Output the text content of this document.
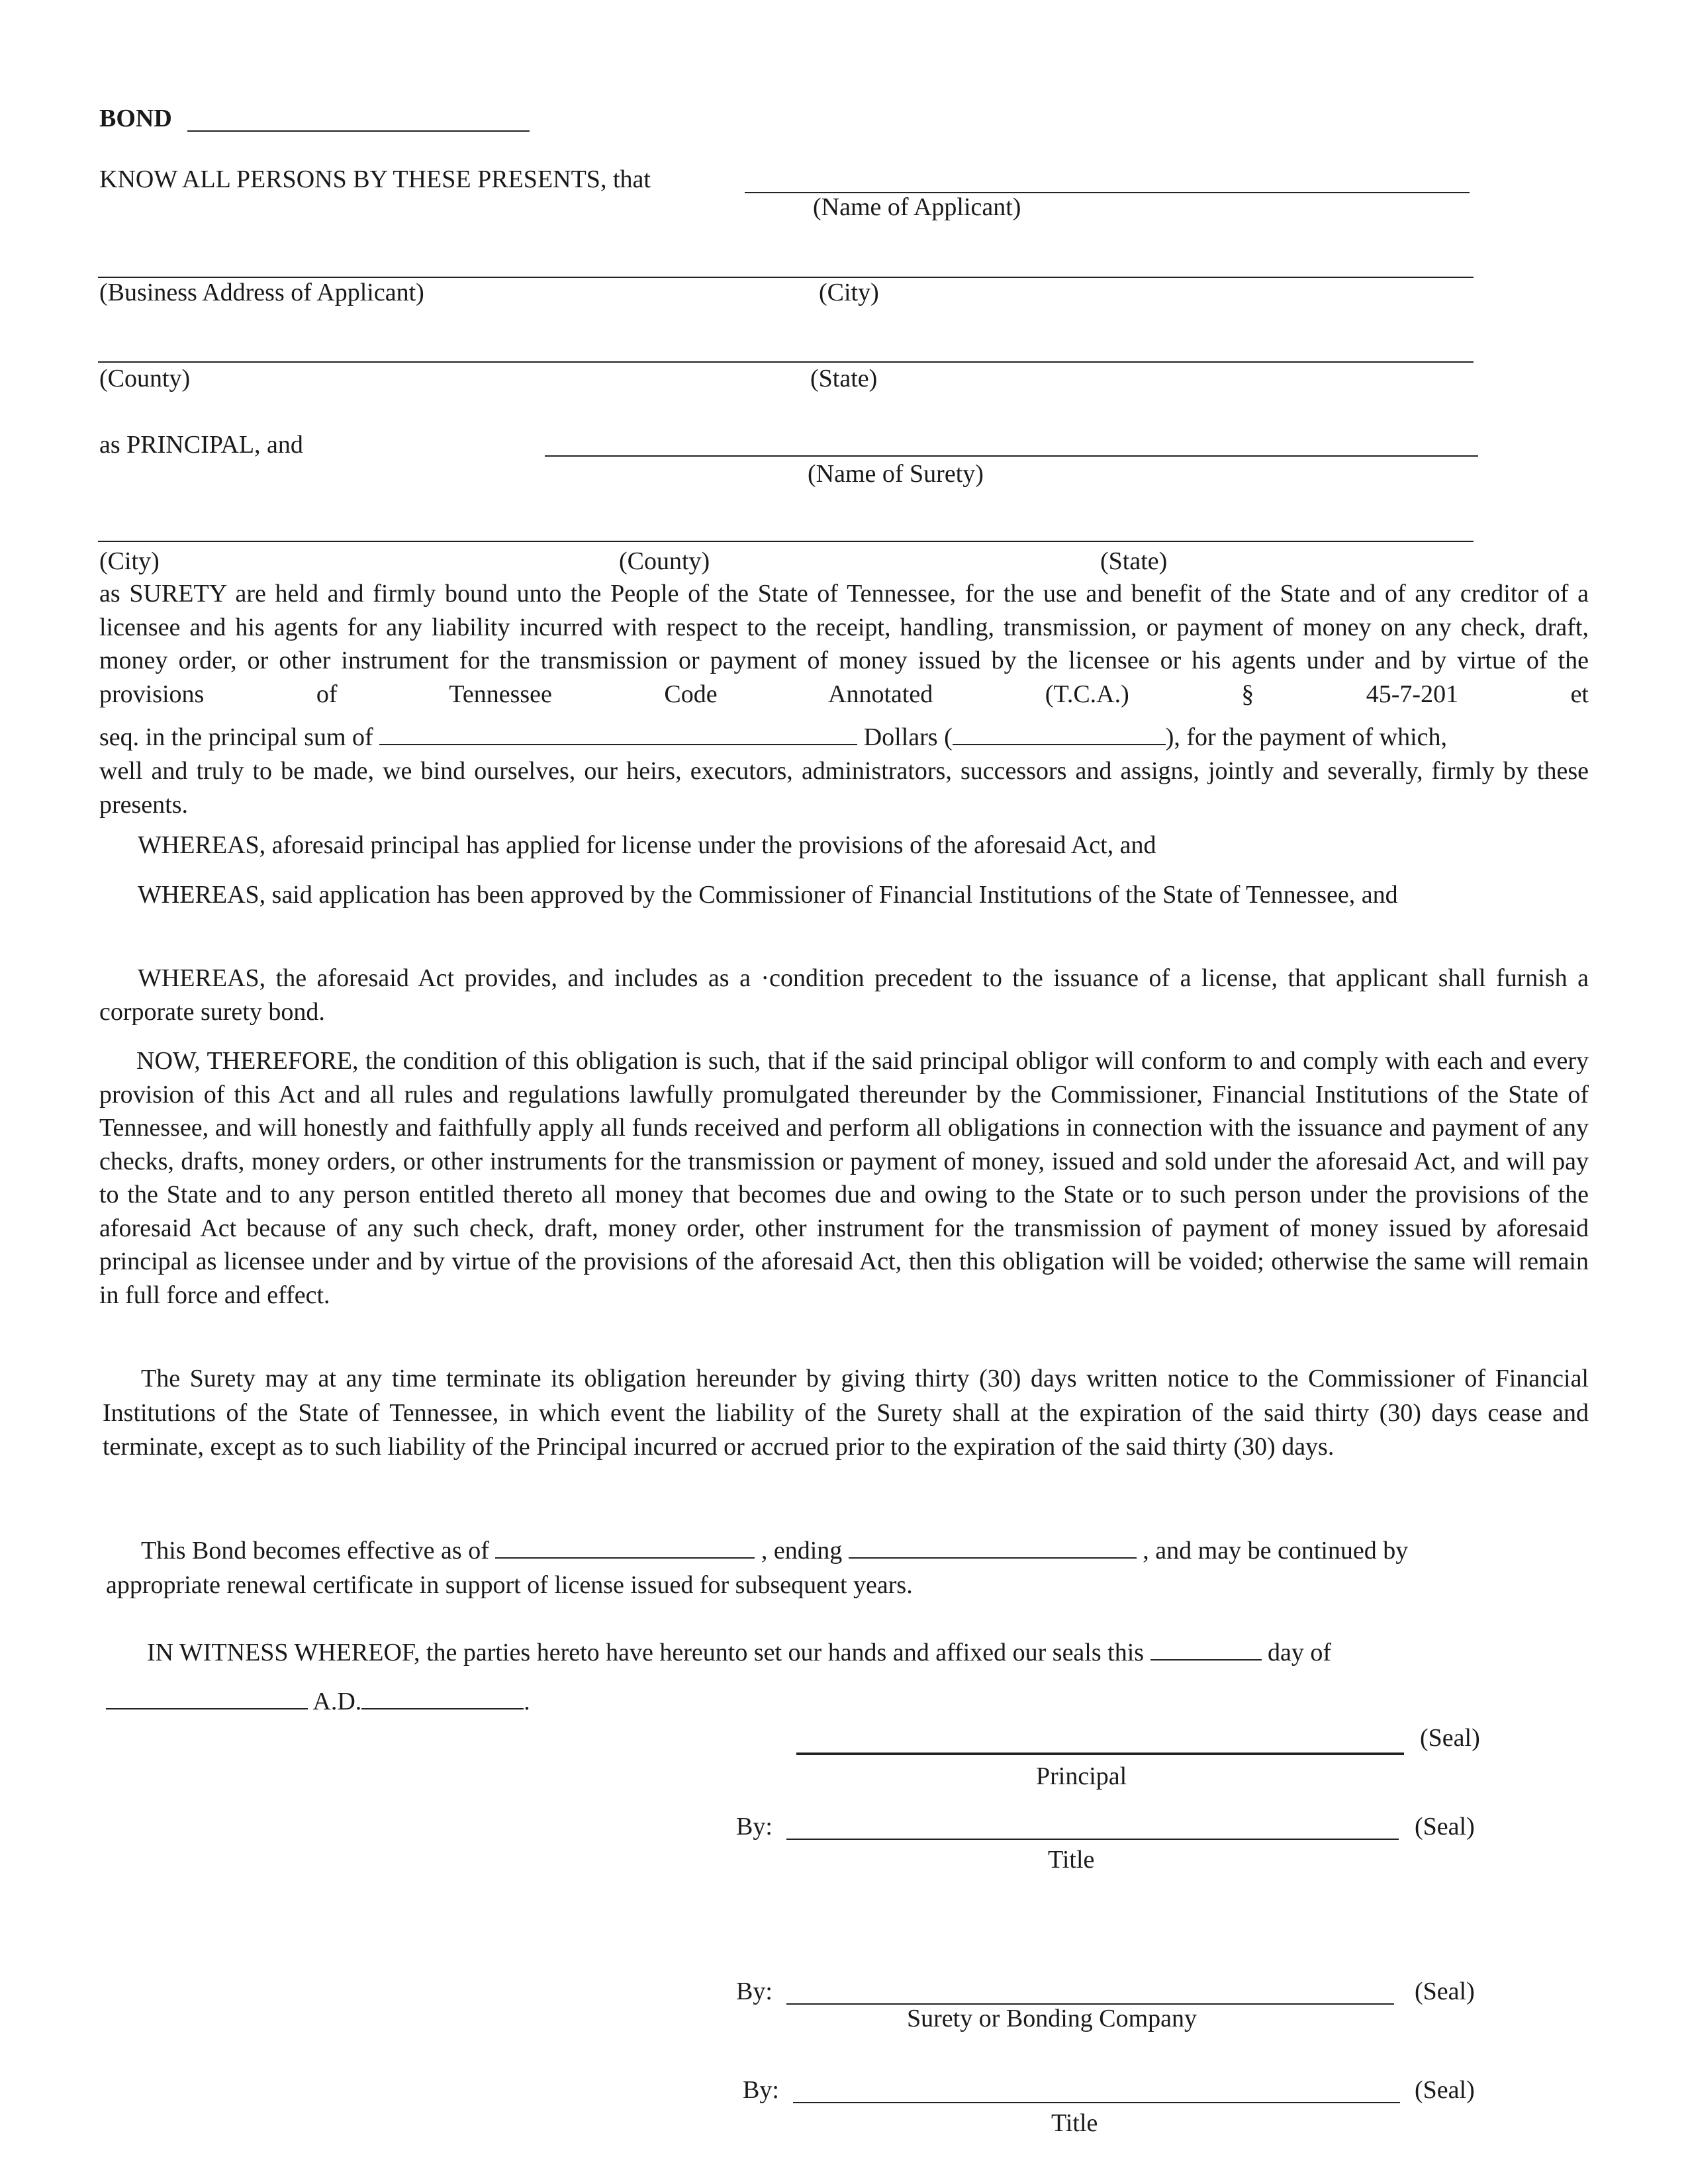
BOND
KNOW ALL PERSONS BY THESE PRESENTS, that
(Name of Applicant)
(Business Address of Applicant)	(City)
(County)	(State)
as PRINCIPAL, and
(Name of Surety)
(City)	(County)	(State)
as SURETY are held and firmly bound unto the People of the State of Tennessee, for the use and benefit of the State and of any creditor of a licensee and his agents for any liability incurred with respect to the receipt, handling, transmission, or payment of money on any check, draft, money order, or other instrument for the transmission or payment of money issued by the licensee or his agents under and by virtue of the provisions of Tennessee Code Annotated (T.C.A.) § 45-7-201 et
seq. in the principal sum of	Dollars (	), for the payment of which,
well and truly to be made, we bind ourselves, our heirs, executors, administrators, successors and assigns, jointly and severally, firmly by these presents.
WHEREAS, aforesaid principal has applied for license under the provisions of the aforesaid Act, and
WHEREAS, said application has been approved by the Commissioner of Financial Institutions of the State of Tennessee, and
WHEREAS, the aforesaid Act provides, and includes as a ·condition precedent to the issuance of a license, that applicant shall furnish a corporate surety bond.
NOW, THEREFORE, the condition of this obligation is such, that if the said principal obligor will conform to and comply with each and every provision of this Act and all rules and regulations lawfully promulgated thereunder by the Commissioner, Financial Institutions of the State of Tennessee, and will honestly and faithfully apply all funds received and perform all obligations in connection with the issuance and payment of any checks, drafts, money orders, or other instruments for the transmission or payment of money, issued and sold under the aforesaid Act, and will pay to the State and to any person entitled thereto all money that becomes due and owing to the State or to such person under the provisions of the aforesaid Act because of any such check, draft, money order, other instrument for the transmission of payment of money issued by aforesaid principal as licensee under and by virtue of the provisions of the aforesaid Act, then this obligation will be voided; otherwise the same will remain in full force and effect.
The Surety may at any time terminate its obligation hereunder by giving thirty (30) days written notice to the Commissioner of Financial Institutions of the State of Tennessee, in which event the liability of the Surety shall at the expiration of the said thirty (30) days cease and terminate, except as to such liability of the Principal incurred or accrued prior to the expiration of the said thirty (30) days.
This Bond becomes effective as of	, ending	, and may be continued by
appropriate renewal certificate in support of license issued for subsequent years.
IN WITNESS WHEREOF, the parties hereto have hereunto set our hands and affixed our seals this	day of
A.D.	.
(Seal)
Principal
By:	(Seal)
Title
By:	(Seal)
Surety or Bonding Company
By:	(Seal)
Title
